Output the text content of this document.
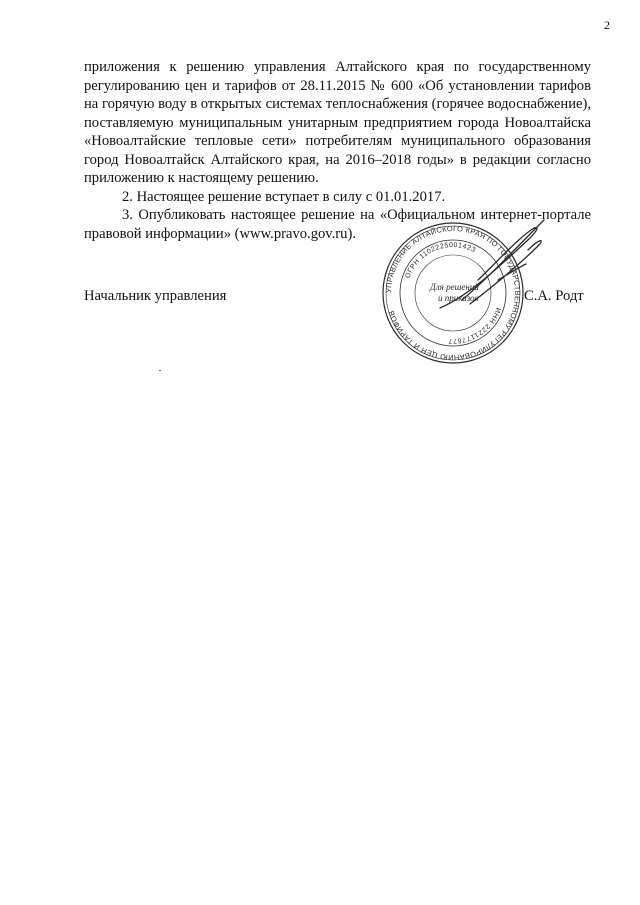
2

приложения к решению управления Алтайского края по государственному регулированию цен и тарифов от 28.11.2015 № 600 «Об установлении тарифов на горячую воду в открытых системах теплоснабжения (горячее водоснабжение), поставляемую муниципальным унитарным предприятием города Новоалтайска «Новоалтайские тепловые сети» потребителям муниципального образования город Новоалтайск Алтайского края, на 2016–2018 годы» в редакции согласно приложению к настоящему решению.

2. Настоящее решение вступает в силу с 01.01.2017.

3. Опубликовать настоящее решение на «Официальном интернет-портале правовой информации» (www.pravo.gov.ru).

Начальник управления	УПРАВЛЕНИЕ АЛТАЙСКОГО КРАЯ ПО ГОСУДАРСТВЕННОМУ РЕГУЛИРОВАНИЮ ЦЕН И ТАРИФОВ	ИНН 2221177677
ОГРН 1102225001423
Для решений и приказов	С.А. Родт
